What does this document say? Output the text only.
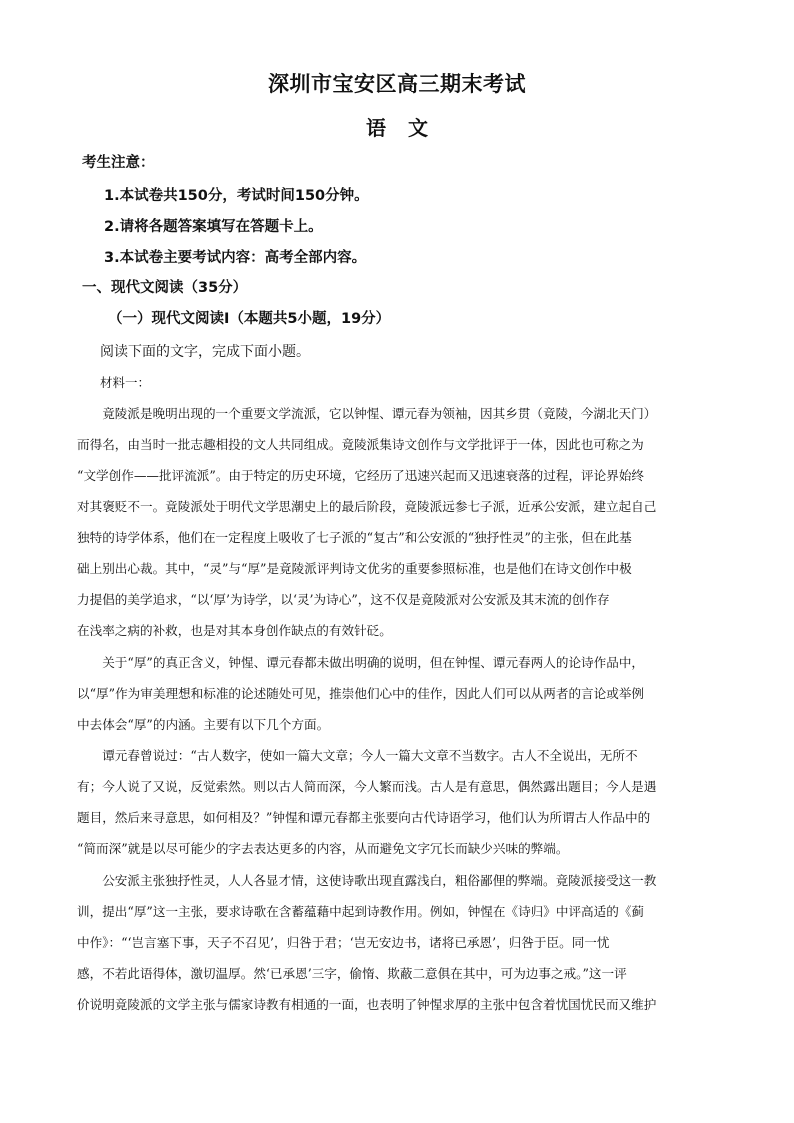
深圳市宝安区高三期末考试
语文
考生注意：
1.本试卷共150分，考试时间150分钟。
2.请将各题答案填写在答题卡上。
3.本试卷主要考试内容：高考全部内容。
一、现代文阅读（35分）
（一）现代文阅读Ⅰ（本题共5小题，19分）
阅读下面的文字，完成下面小题。
材料一：
　　竟陵派是晚明出现的一个重要文学流派，它以钟惺、谭元春为领袖，因其乡贯（竟陵，今湖北天门）
而得名，由当时一批志趣相投的文人共同组成。竟陵派集诗文创作与文学批评于一体，因此也可称之为
“文学创作——批评流派”。由于特定的历史环境，它经历了迅速兴起而又迅速衰落的过程，评论界始终
对其褒贬不一。竟陵派处于明代文学思潮史上的最后阶段，竟陵派远参七子派，近承公安派，建立起自己
独特的诗学体系，他们在一定程度上吸收了七子派的“复古”和公安派的“独抒性灵”的主张，但在此基
础上别出心裁。其中，“灵”与“厚”是竟陵派评判诗文优劣的重要参照标准，也是他们在诗文创作中极
力提倡的美学追求，“以‘厚’为诗学，以‘灵’为诗心”，这不仅是竟陵派对公安派及其末流的创作存
在浅率之病的补救，也是对其本身创作缺点的有效针砭。
　　关于“厚”的真正含义，钟惺、谭元春都未做出明确的说明，但在钟惺、谭元春两人的论诗作品中，
以“厚”作为审美理想和标准的论述随处可见，推崇他们心中的佳作，因此人们可以从两者的言论或举例
中去体会“厚”的内涵。主要有以下几个方面。
　　谭元春曾说过：“古人数字，使如一篇大文章；今人一篇大文章不当数字。古人不全说出，无所不
有；今人说了又说，反觉索然。则以古人简而深，今人繁而浅。古人是有意思，偶然露出题目；今人是遇
题目，然后来寻意思，如何相及？”钟惺和谭元春都主张要向古代诗语学习，他们认为所谓古人作品中的
“简而深”就是以尽可能少的字去表达更多的内容，从而避免文字冗长而缺少兴味的弊端。
　　公安派主张独抒性灵，人人各显才情，这使诗歌出现直露浅白，粗俗鄙俚的弊端。竟陵派接受这一教
训，提出“厚”这一主张，要求诗歌在含蓄蕴藉中起到诗教作用。例如，钟惺在《诗归》中评高适的《蓟
中作》：“‘岂言塞下事，天子不召见’，归咎于君；‘岂无安边书，诸将已承恩’，归咎于臣。同一忧
感，不若此语得体，激切温厚。然‘已承恩’三字，偷惰、欺蔽二意俱在其中，可为边事之戒。”这一评
价说明竟陵派的文学主张与儒家诗教有相通的一面，也表明了钟惺求厚的主张中包含着忧国忧民而又维护
